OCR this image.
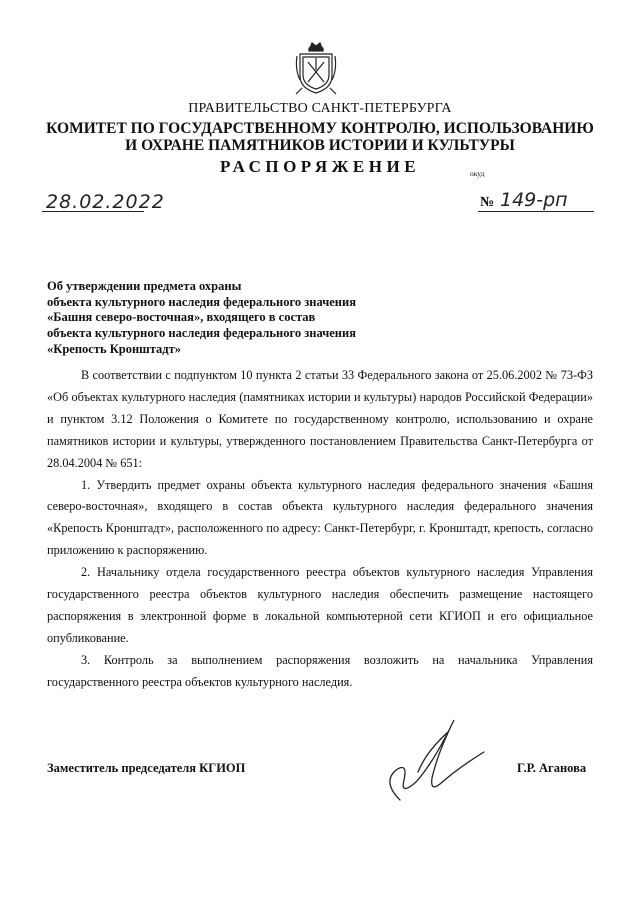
ПРАВИТЕЛЬСТВО САНКТ-ПЕТЕРБУРГА
КОМИТЕТ ПО ГОСУДАРСТВЕННОМУ КОНТРОЛЮ, ИСПОЛЬЗОВАНИЮ
И ОХРАНЕ ПАМЯТНИКОВ ИСТОРИИ И КУЛЬТУРЫ
РАСПОРЯЖЕНИЕ	окуд
28.02.2022	№ 149-рп
Об утверждении предмета охраны
объекта культурного наследия федерального значения
«Башня северо-восточная», входящего в состав
объекта культурного наследия федерального значения
«Крепость Кронштадт»

В соответствии с подпунктом 10 пункта 2 статьи 33 Федерального закона от 25.06.2002 № 73-ФЗ «Об объектах культурного наследия (памятниках истории и культуры) народов Российской Федерации» и пунктом 3.12 Положения о Комитете по государственному контролю, использованию и охране памятников истории и культуры, утвержденного постановлением Правительства Санкт-Петербурга от 28.04.2004 № 651:

1. Утвердить предмет охраны объекта культурного наследия федерального значения «Башня северо-восточная», входящего в состав объекта культурного наследия федерального значения «Крепость Кронштадт», расположенного по адресу: Санкт-Петербург, г. Кронштадт, крепость, согласно приложению к распоряжению.

2. Начальнику отдела государственного реестра объектов культурного наследия Управления государственного реестра объектов культурного наследия обеспечить размещение настоящего распоряжения в электронной форме в локальной компьютерной сети КГИОП и его официальное опубликование.

3. Контроль за выполнением распоряжения возложить на начальника Управления государственного реестра объектов культурного наследия.

Заместитель председателя КГИОП	Г.Р. Аганова
